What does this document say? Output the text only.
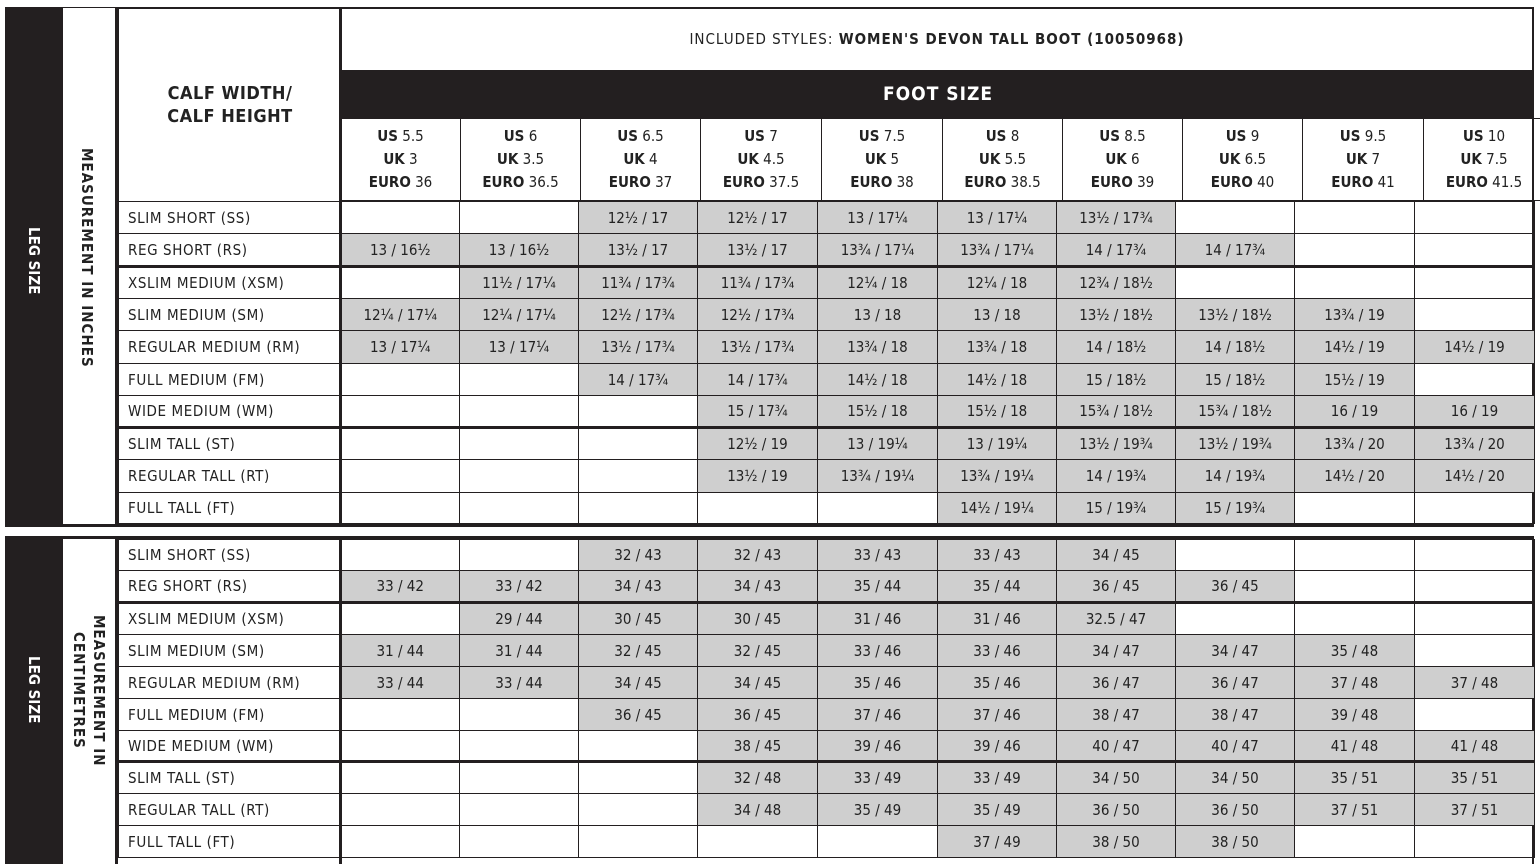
LEG SIZE MEASUREMENT IN INCHES
CALF WIDTH/
CALF HEIGHT
INCLUDED STYLES: WOMEN'S DEVON TALL BOOT (10050968)
FOOT SIZE
US 5.5
UK 3
EURO 36

US 6
UK 3.5
EURO 36.5

US 6.5
UK 4
EURO 37

US 7
UK 4.5
EURO 37.5

US 7.5
UK 5
EURO 38

US 8
UK 5.5
EURO 38.5

US 8.5
UK 6
EURO 39

US 9
UK 6.5
EURO 40

US 9.5
UK 7
EURO 41

US 10
UK 7.5
EURO 41.5
SLIM SHORT (SS)			12½ / 17	12½ / 17	13 / 17¼	13 / 17¼	13½ / 17¾			
REG SHORT (RS)	13 / 16½	13 / 16½	13½ / 17	13½ / 17	13¾ / 17¼	13¾ / 17¼	14 / 17¾	14 / 17¾		
XSLIM MEDIUM (XSM)		11½ / 17¼	11¾ / 17¾	11¾ / 17¾	12¼ / 18	12¼ / 18	12¾ / 18½			
SLIM MEDIUM (SM)	12¼ / 17¼	12¼ / 17¼	12½ / 17¾	12½ / 17¾	13 / 18	13 / 18	13½ / 18½	13½ / 18½	13¾ / 19	
REGULAR MEDIUM (RM)	13 / 17¼	13 / 17¼	13½ / 17¾	13½ / 17¾	13¾ / 18	13¾ / 18	14 / 18½	14 / 18½	14½ / 19	14½ / 19
FULL MEDIUM (FM)			14 / 17¾	14 / 17¾	14½ / 18	14½ / 18	15 / 18½	15 / 18½	15½ / 19	
WIDE MEDIUM (WM)				15 / 17¾	15½ / 18	15½ / 18	15¾ / 18½	15¾ / 18½	16 / 19	16 / 19
SLIM TALL (ST)				12½ / 19	13 / 19¼	13 / 19¼	13½ / 19¾	13½ / 19¾	13¾ / 20	13¾ / 20
REGULAR TALL (RT)				13½ / 19	13¾ / 19¼	13¾ / 19¼	14 / 19¾	14 / 19¾	14½ / 20	14½ / 20
FULL TALL (FT)						14½ / 19¼	15 / 19¾	15 / 19¾		
LEG SIZE	MEASUREMENT IN
CENTIMETRES
SLIM SHORT (SS)			32 / 43	32 / 43	33 / 43	33 / 43	34 / 45			
REG SHORT (RS)	33 / 42	33 / 42	34 / 43	34 / 43	35 / 44	35 / 44	36 / 45	36 / 45		
XSLIM MEDIUM (XSM)		29 / 44	30 / 45	30 / 45	31 / 46	31 / 46	32.5 / 47			
SLIM MEDIUM (SM)	31 / 44	31 / 44	32 / 45	32 / 45	33 / 46	33 / 46	34 / 47	34 / 47	35 / 48	
REGULAR MEDIUM (RM)	33 / 44	33 / 44	34 / 45	34 / 45	35 / 46	35 / 46	36 / 47	36 / 47	37 / 48	37 / 48
FULL MEDIUM (FM)			36 / 45	36 / 45	37 / 46	37 / 46	38 / 47	38 / 47	39 / 48	
WIDE MEDIUM (WM)				38 / 45	39 / 46	39 / 46	40 / 47	40 / 47	41 / 48	41 / 48
SLIM TALL (ST)				32 / 48	33 / 49	33 / 49	34 / 50	34 / 50	35 / 51	35 / 51
REGULAR TALL (RT)				34 / 48	35 / 49	35 / 49	36 / 50	36 / 50	37 / 51	37 / 51
FULL TALL (FT)						37 / 49	38 / 50	38 / 50		
